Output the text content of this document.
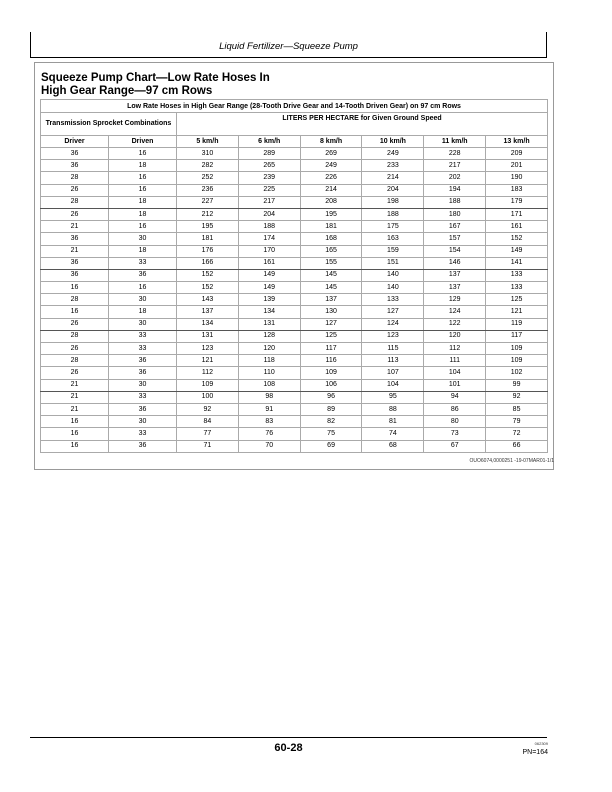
Liquid Fertilizer—Squeeze Pump
Squeeze Pump Chart—Low Rate Hoses In
High Gear Range—97 cm Rows
Low Rate Hoses in High Gear Range (28-Tooth Drive Gear and 14-Tooth Driven Gear) on 97 cm Rows							
Transmission Sprocket Combinations		LITERS PER HECTARE for Given Ground Speed					
Driver	Driven	5 km/h	6 km/h	8 km/h	10 km/h	11 km/h	13 km/h
36	16	310	289	269	249	228	209
36	18	282	265	249	233	217	201
28	16	252	239	226	214	202	190
26	16	236	225	214	204	194	183
28	18	227	217	208	198	188	179
26	18	212	204	195	188	180	171
21	16	195	188	181	175	167	161
36	30	181	174	168	163	157	152
21	18	176	170	165	159	154	149
36	33	166	161	155	151	146	141
36	36	152	149	145	140	137	133
16	16	152	149	145	140	137	133
28	30	143	139	137	133	129	125
16	18	137	134	130	127	124	121
26	30	134	131	127	124	122	119
28	33	131	128	125	123	120	117
26	33	123	120	117	115	112	109
28	36	121	118	116	113	111	109
26	36	112	110	109	107	104	102
21	30	109	108	106	104	101	99
21	33	100	98	96	95	94	92
21	36	92	91	89	88	86	85
16	30	84	83	82	81	80	79
16	33	77	76	75	74	73	72
16	36	71	70	69	68	67	66
OUO6074,0000251 -19-07MAR01-1/1
60-28	062309
PN=164
